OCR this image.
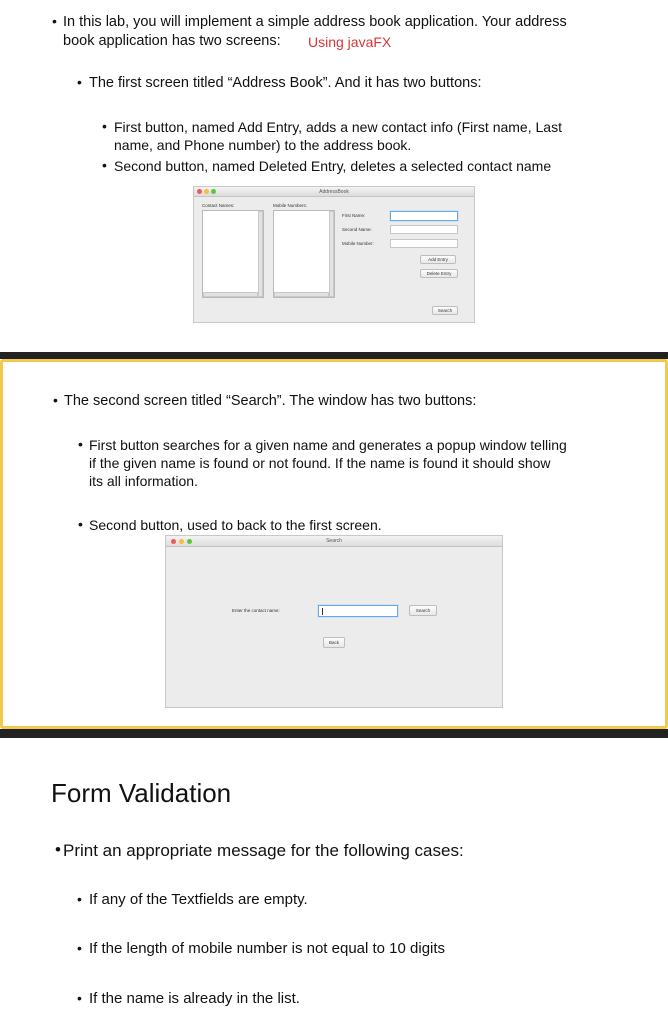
• In this lab, you will implement a simple address book application. Your address
book application has two screens: Using javaFX
• The first screen titled “Address Book”. And it has two buttons:
• First button, named Add Entry, adds a new contact info (First name, Last
name, and Phone number) to the address book.
• Second button, named Deleted Entry, deletes a selected contact name
AddressBook
Contact Names:	Mobile Numbers:
First Name:
Second Name:
Mobile Number:
Add Entry
Delete Entry
Search
• The second screen titled “Search”. The window has two buttons:
• First button searches for a given name and generates a popup window telling
if the given name is found or not found. If the name is found it should show
its all information.
• Second button, used to back to the first screen.
Search
Enter the contact name:	Search
Back
Form Validation
• Print an appropriate message for the following cases:
• If any of the Textfields are empty.
• If the length of mobile number is not equal to 10 digits
• If the name is already in the list.
